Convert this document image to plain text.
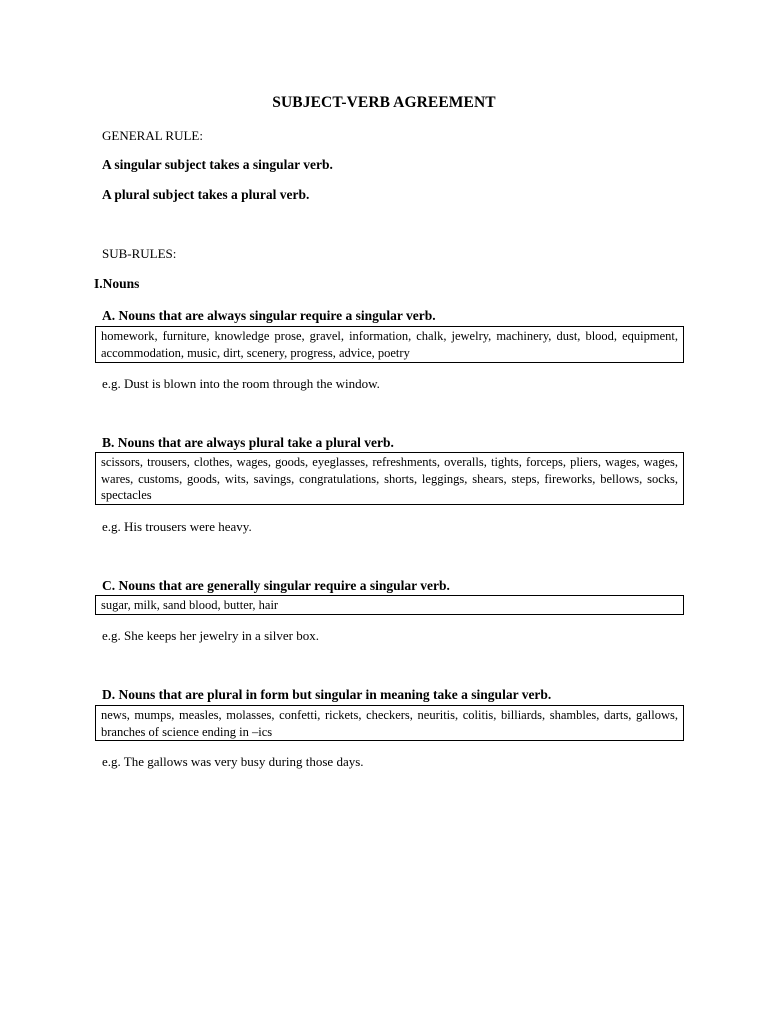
SUBJECT-VERB AGREEMENT
GENERAL RULE:
A singular subject takes a singular verb.
A plural subject takes a plural verb.
SUB-RULES:
I.Nouns
A. Nouns that are always singular require a singular verb.
homework, furniture, knowledge prose, gravel, information, chalk, jewelry, machinery, dust, blood, equipment, accommodation, music, dirt, scenery, progress, advice, poetry
e.g. Dust is blown into the room through the window.
B. Nouns that are always plural take a plural verb.
scissors, trousers, clothes, wages, goods, eyeglasses, refreshments, overalls, tights, forceps, pliers, wages, wages, wares, customs, goods, wits, savings, congratulations, shorts, leggings, shears, steps, fireworks, bellows, socks, spectacles
e.g. His trousers were heavy.
C. Nouns that are generally singular require a singular verb.
sugar, milk, sand blood, butter, hair
e.g. She keeps her jewelry in a silver box.
D. Nouns that are plural in form but singular in meaning take a singular verb.
news, mumps, measles, molasses, confetti, rickets, checkers, neuritis, colitis, billiards, shambles, darts, gallows, branches of science ending in –ics
e.g. The gallows was very busy during those days.
